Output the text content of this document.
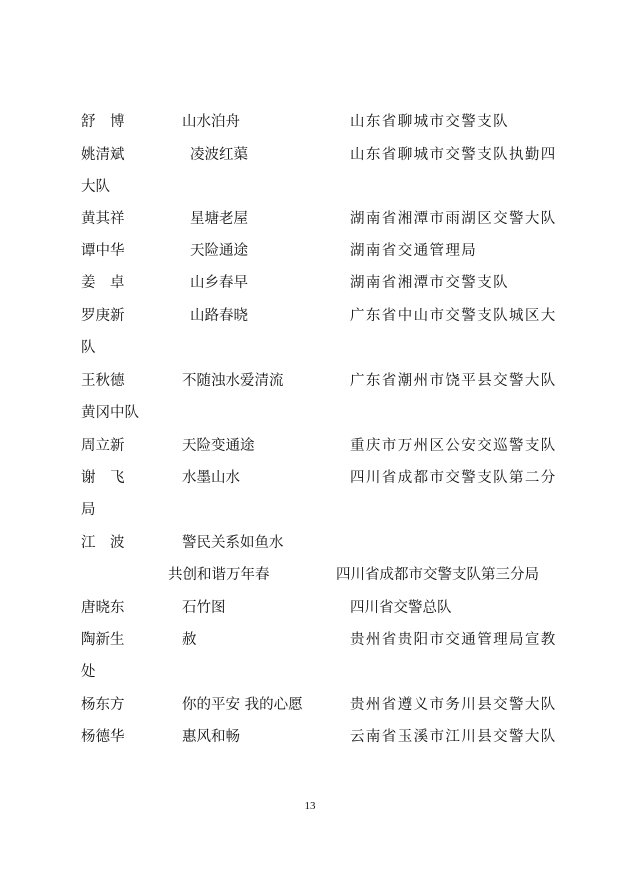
舒　博	山水泊舟	山东省聊城市交警支队
姚清斌	凌波红蕖	山东省聊城市交警支队执勤四
大队
黄其祥	星塘老屋	湖南省湘潭市雨湖区交警大队
谭中华	天险通途	湖南省交通管理局
姜　卓	山乡春早	湖南省湘潭市交警支队
罗庚新	山路春晓	广东省中山市交警支队城区大
队
王秋德	不随浊水爱清流	广东省潮州市饶平县交警大队
黄冈中队
周立新	天险变通途	重庆市万州区公安交巡警支队
谢　飞	水墨山水	四川省成都市交警支队第二分
局
江　波	警民关系如鱼水
共创和谐万年春	四川省成都市交警支队第三分局
唐晓东	石竹图	四川省交警总队
陶新生	赦	贵州省贵阳市交通管理局宣教
处
杨东方	你的平安 我的心愿	贵州省遵义市务川县交警大队
杨德华	惠风和畅	云南省玉溪市江川县交警大队
13
